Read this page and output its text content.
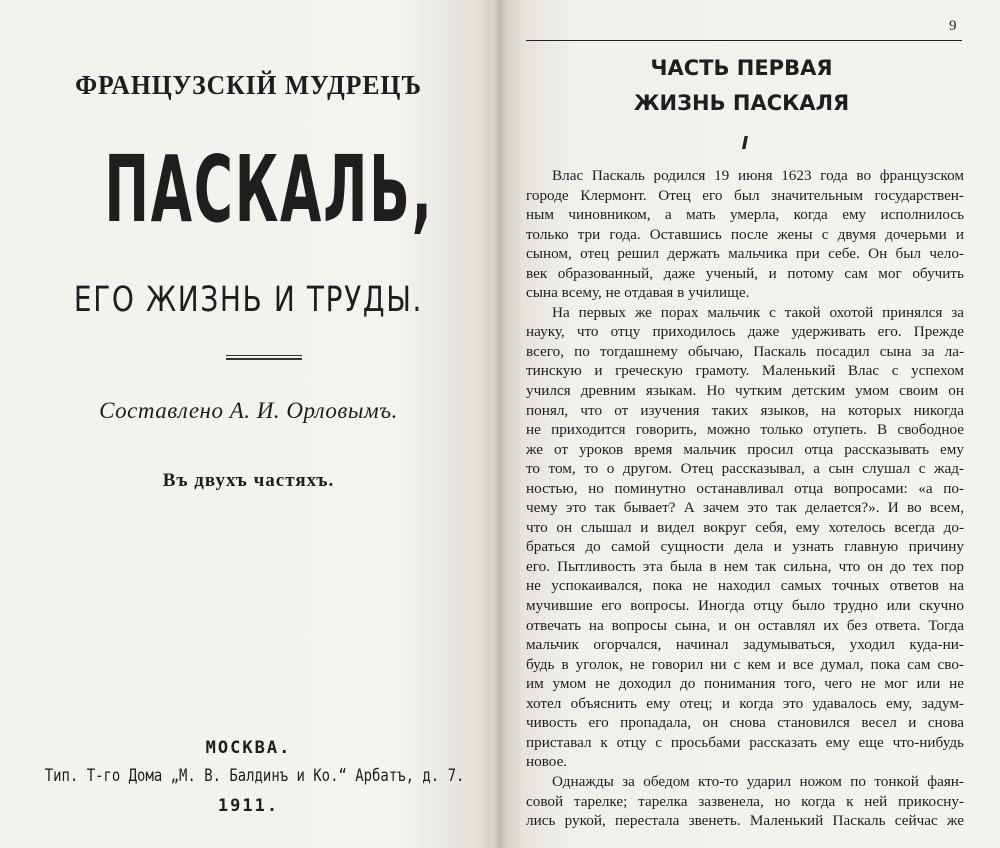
ФРАНЦУЗСКІЙ МУДРЕЦЪ
ПАСКАЛЬ,
ЕГО ЖИЗНЬ И ТРУДЫ.
Составлено А. И. Орловымъ.
Въ двухъ частяхъ.
МОСКВА.
Тип. Т-го Дома „М. В. Балдинъ и Ко.“ Арбатъ, д. 7.
1911.
9
ЧАСТЬ ПЕРВАЯ
ЖИЗНЬ ПАСКАЛЯ
I
Влас Паскаль родился 19 июня 1623 года во французском
городе Клермонт. Отец его был значительным государствен-
ным чиновником, а мать умерла, когда ему исполнилось
только три года. Оставшись после жены с двумя дочерьми и
сыном, отец решил держать мальчика при себе. Он был чело-
век образованный, даже ученый, и потому сам мог обучить
сына всему, не отдавая в училище.
На первых же порах мальчик с такой охотой принялся за
науку, что отцу приходилось даже удерживать его. Прежде
всего, по тогдашнему обычаю, Паскаль посадил сына за ла-
тинскую и греческую грамоту. Маленький Влас с успехом
учился древним языкам. Но чутким детским умом своим он
понял, что от изучения таких языков, на которых никогда
не приходится говорить, можно только отупеть. В свободное
же от уроков время мальчик просил отца рассказывать ему
то том, то о другом. Отец рассказывал, а сын слушал с жад-
ностью, но поминутно останавливал отца вопросами: «а по-
чему это так бывает? А зачем это так делается?». И во всем,
что он слышал и видел вокруг себя, ему хотелось всегда до-
браться до самой сущности дела и узнать главную причину
его. Пытливость эта была в нем так сильна, что он до тех пор
не успокаивался, пока не находил самых точных ответов на
мучившие его вопросы. Иногда отцу было трудно или скучно
отвечать на вопросы сына, и он оставлял их без ответа. Тогда
мальчик огорчался, начинал задумываться, уходил куда-ни-
будь в уголок, не говорил ни с кем и все думал, пока сам сво-
им умом не доходил до понимания того, чего не мог или не
хотел объяснить ему отец; и когда это удавалось ему, задум-
чивость его пропадала, он снова становился весел и снова
приставал к отцу с просьбами рассказать ему еще что-нибудь
новое.
Однажды за обедом кто-то ударил ножом по тонкой фаян-
совой тарелке; тарелка зазвенела, но когда к ней прикосну-
лись рукой, перестала звенеть. Маленький Паскаль сейчас же
